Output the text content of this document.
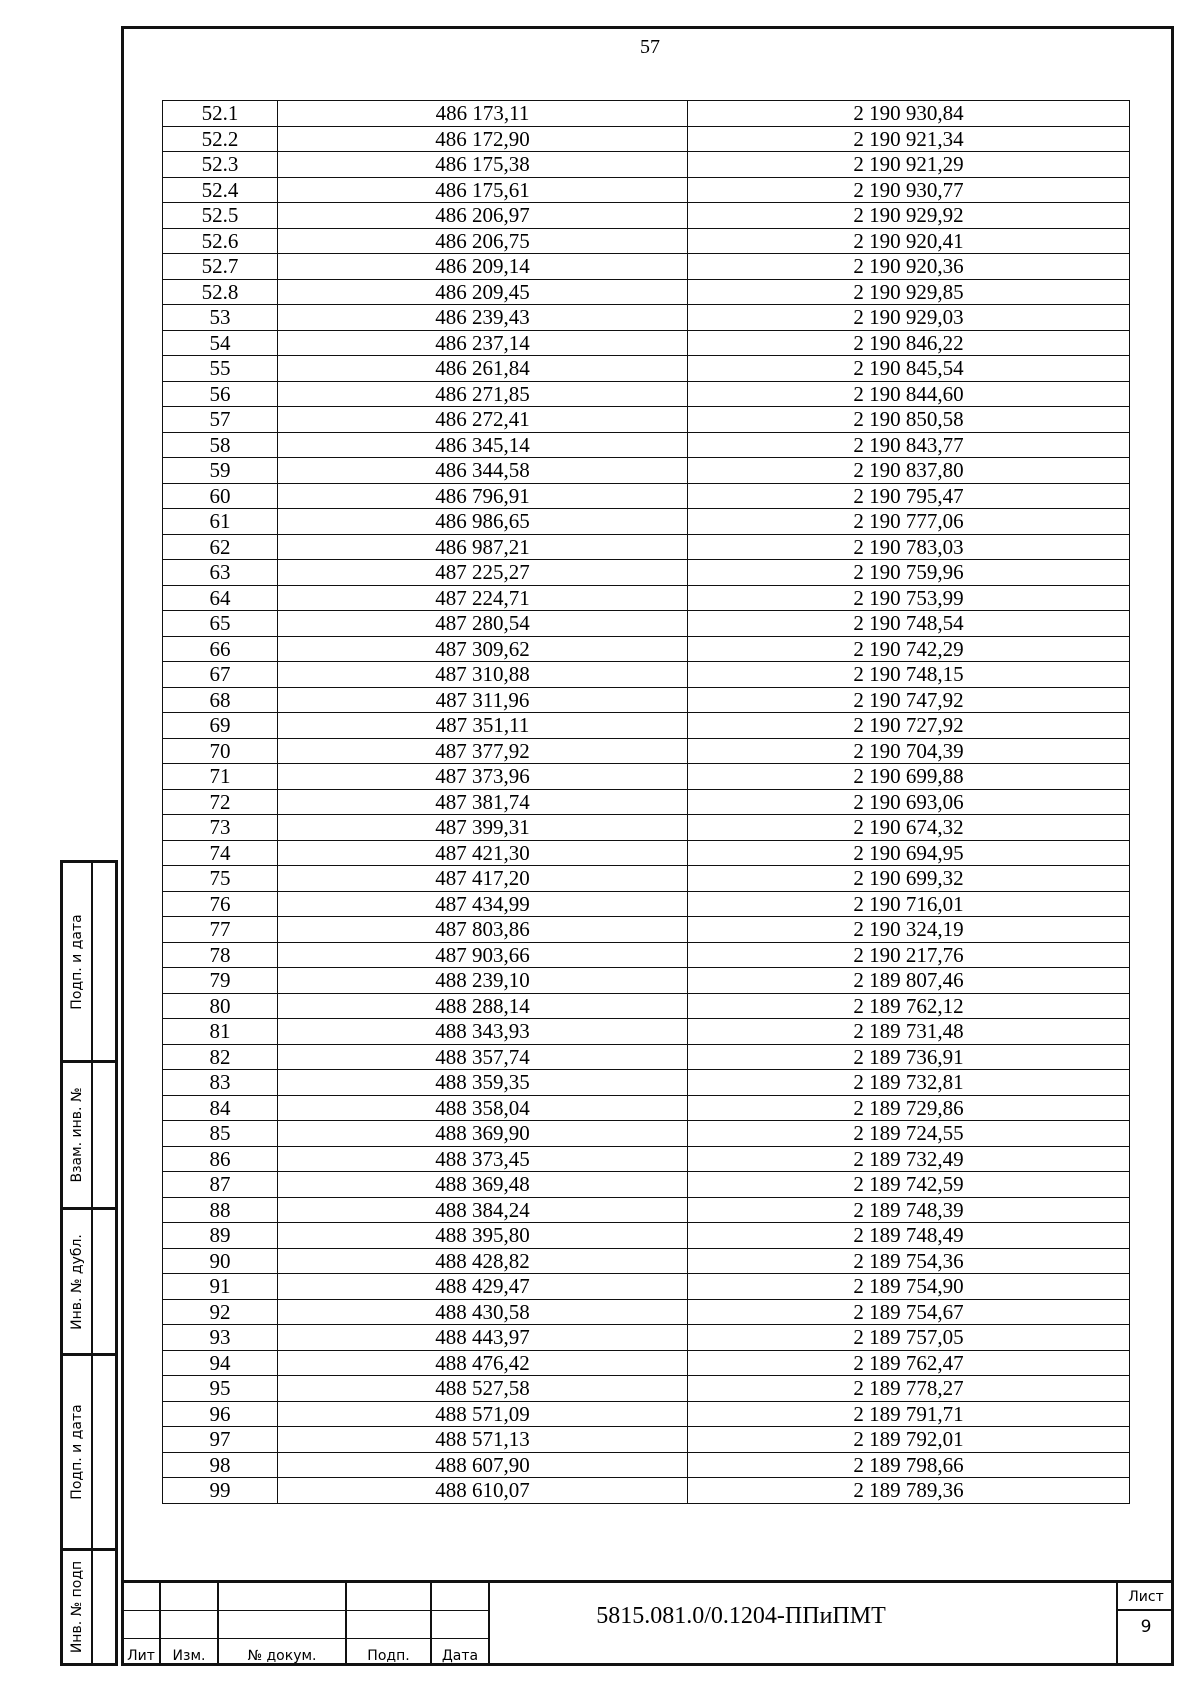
57
52.1	486 173,11	2 190 930,84
52.2	486 172,90	2 190 921,34
52.3	486 175,38	2 190 921,29
52.4	486 175,61	2 190 930,77
52.5	486 206,97	2 190 929,92
52.6	486 206,75	2 190 920,41
52.7	486 209,14	2 190 920,36
52.8	486 209,45	2 190 929,85
53	486 239,43	2 190 929,03
54	486 237,14	2 190 846,22
55	486 261,84	2 190 845,54
56	486 271,85	2 190 844,60
57	486 272,41	2 190 850,58
58	486 345,14	2 190 843,77
59	486 344,58	2 190 837,80
60	486 796,91	2 190 795,47
61	486 986,65	2 190 777,06
62	486 987,21	2 190 783,03
63	487 225,27	2 190 759,96
64	487 224,71	2 190 753,99
65	487 280,54	2 190 748,54
66	487 309,62	2 190 742,29
67	487 310,88	2 190 748,15
68	487 311,96	2 190 747,92
69	487 351,11	2 190 727,92
70	487 377,92	2 190 704,39
71	487 373,96	2 190 699,88
72	487 381,74	2 190 693,06
73	487 399,31	2 190 674,32
74	487 421,30	2 190 694,95
75	487 417,20	2 190 699,32
76	487 434,99	2 190 716,01
77	487 803,86	2 190 324,19
78	487 903,66	2 190 217,76
79	488 239,10	2 189 807,46
80	488 288,14	2 189 762,12
81	488 343,93	2 189 731,48
82	488 357,74	2 189 736,91
83	488 359,35	2 189 732,81
84	488 358,04	2 189 729,86
85	488 369,90	2 189 724,55
86	488 373,45	2 189 732,49
87	488 369,48	2 189 742,59
88	488 384,24	2 189 748,39
89	488 395,80	2 189 748,49
90	488 428,82	2 189 754,36
91	488 429,47	2 189 754,90
92	488 430,58	2 189 754,67
93	488 443,97	2 189 757,05
94	488 476,42	2 189 762,47
95	488 527,58	2 189 778,27
96	488 571,09	2 189 791,71
97	488 571,13	2 189 792,01
98	488 607,90	2 189 798,66
99	488 610,07	2 189 789,36
Подп. и дата
Взам. инв. №
Инв. № дубл.
Подп. и дата
Инв. № подп
Лит	Изм.	№ докум.	Подп.	Дата
5815.081.0/0.1204-ППиПМТ
Лист
9
